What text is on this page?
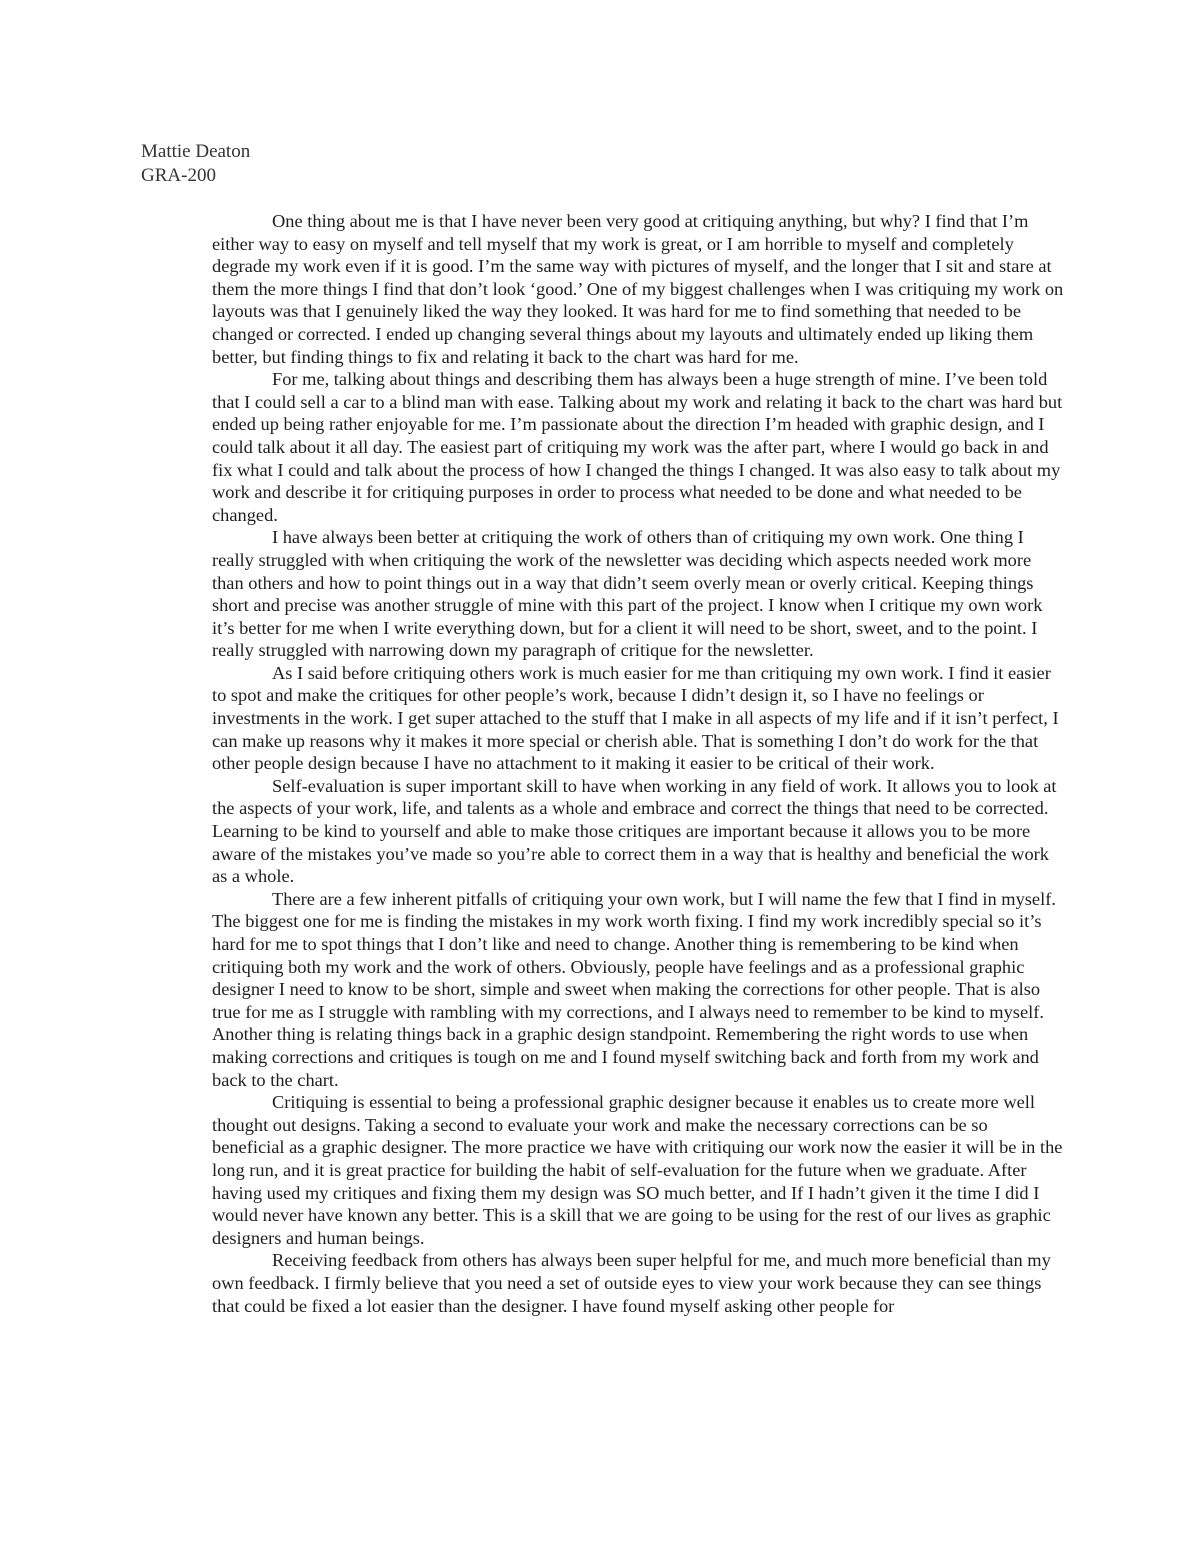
Mattie Deaton
GRA-200

One thing about me is that I have never been very good at critiquing anything, but why? I find that I’m either way to easy on myself and tell myself that my work is great, or I am horrible to myself and completely degrade my work even if it is good. I’m the same way with pictures of myself, and the longer that I sit and stare at them the more things I find that don’t look ‘good.’ One of my biggest challenges when I was critiquing my work on layouts was that I genuinely liked the way they looked. It was hard for me to find something that needed to be changed or corrected. I ended up changing several things about my layouts and ultimately ended up liking them better, but finding things to fix and relating it back to the chart was hard for me.

For me, talking about things and describing them has always been a huge strength of mine. I’ve been told that I could sell a car to a blind man with ease. Talking about my work and relating it back to the chart was hard but ended up being rather enjoyable for me. I’m passionate about the direction I’m headed with graphic design, and I could talk about it all day. The easiest part of critiquing my work was the after part, where I would go back in and fix what I could and talk about the process of how I changed the things I changed. It was also easy to talk about my work and describe it for critiquing purposes in order to process what needed to be done and what needed to be changed.

I have always been better at critiquing the work of others than of critiquing my own work. One thing I really struggled with when critiquing the work of the newsletter was deciding which aspects needed work more than others and how to point things out in a way that didn’t seem overly mean or overly critical. Keeping things short and precise was another struggle of mine with this part of the project. I know when I critique my own work it’s better for me when I write everything down, but for a client it will need to be short, sweet, and to the point. I really struggled with narrowing down my paragraph of critique for the newsletter.

As I said before critiquing others work is much easier for me than critiquing my own work. I find it easier to spot and make the critiques for other people’s work, because I didn’t design it, so I have no feelings or investments in the work. I get super attached to the stuff that I make in all aspects of my life and if it isn’t perfect, I can make up reasons why it makes it more special or cherish able. That is something I don’t do work for the that other people design because I have no attachment to it making it easier to be critical of their work.

Self-evaluation is super important skill to have when working in any field of work. It allows you to look at the aspects of your work, life, and talents as a whole and embrace and correct the things that need to be corrected. Learning to be kind to yourself and able to make those critiques are important because it allows you to be more aware of the mistakes you’ve made so you’re able to correct them in a way that is healthy and beneficial the work as a whole.

There are a few inherent pitfalls of critiquing your own work, but I will name the few that I find in myself. The biggest one for me is finding the mistakes in my work worth fixing. I find my work incredibly special so it’s hard for me to spot things that I don’t like and need to change. Another thing is remembering to be kind when critiquing both my work and the work of others. Obviously, people have feelings and as a professional graphic designer I need to know to be short, simple and sweet when making the corrections for other people. That is also true for me as I struggle with rambling with my corrections, and I always need to remember to be kind to myself. Another thing is relating things back in a graphic design standpoint. Remembering the right words to use when making corrections and critiques is tough on me and I found myself switching back and forth from my work and back to the chart.

Critiquing is essential to being a professional graphic designer because it enables us to create more well thought out designs. Taking a second to evaluate your work and make the necessary corrections can be so beneficial as a graphic designer. The more practice we have with critiquing our work now the easier it will be in the long run, and it is great practice for building the habit of self-evaluation for the future when we graduate. After having used my critiques and fixing them my design was SO much better, and If I hadn’t given it the time I did I would never have known any better. This is a skill that we are going to be using for the rest of our lives as graphic designers and human beings.

Receiving feedback from others has always been super helpful for me, and much more beneficial than my own feedback. I firmly believe that you need a set of outside eyes to view your work because they can see things that could be fixed a lot easier than the designer. I have found myself asking other people for
